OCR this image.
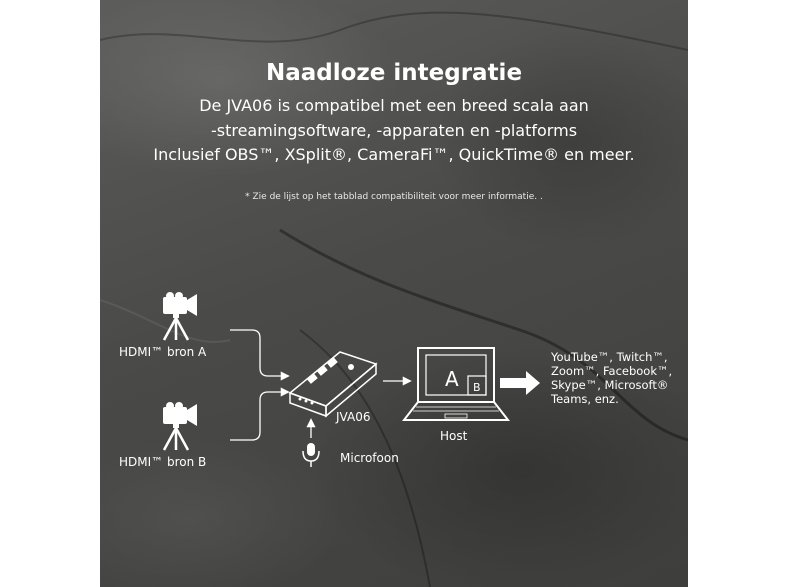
Naadloze integratie
De JVA06 is compatibel met een breed scala aan
-streamingsoftware, -apparaten en -platforms
Inclusief OBS™, XSplit®, CameraFi™, QuickTime® en meer.
* Zie de lijst op het tabblad compatibiliteit voor meer informatie. .
A B
HDMI™ bron A
HDMI™ bron B
JVA06
Microfoon
Host
YouTube™, Twitch™,
Zoom™, Facebook™,
Skype™, Microsoft®
Teams, enz.
